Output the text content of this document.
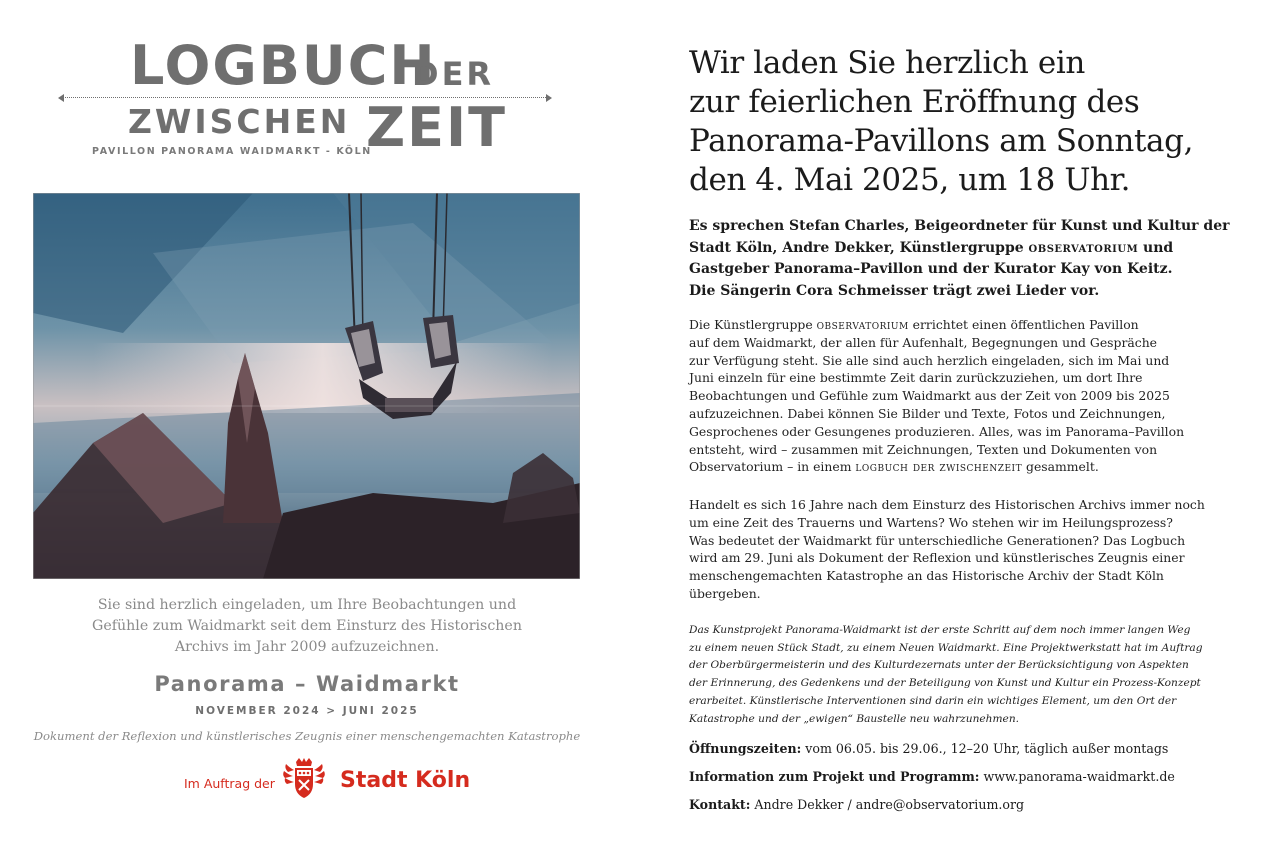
LOGBUCH
DER
ZWISCHEN ZEIT
PAVILLON PANORAMA WAIDMARKT - KÖLN
Sie sind herzlich eingeladen, um Ihre Beobachtungen und
Gefühle zum Waidmarkt seit dem Einsturz des Historischen
Archivs im Jahr 2009 aufzuzeichnen.
Panorama – Waidmarkt
NOVEMBER 2024 > JUNI 2025
Dokument der Reflexion und künstlerisches Zeugnis einer menschengemachten Katastrophe
Im Auftrag der	Stadt Köln
Wir laden Sie herzlich ein
zur feierlichen Eröffnung des
Panorama-Pavillons am Sonntag,
den 4. Mai 2025, um 18 Uhr.
Es sprechen Stefan Charles, Beigeordneter für Kunst und Kultur der
Stadt Köln, Andre Dekker, Künstlergruppe observatorium und
Gastgeber Panorama–Pavillon und der Kurator Kay von Keitz.
Die Sängerin Cora Schmeisser trägt zwei Lieder vor.
Die Künstlergruppe observatorium errichtet einen öffentlichen Pavillon
auf dem Waidmarkt, der allen für Aufenhalt, Begegnungen und Gespräche
zur Verfügung steht. Sie alle sind auch herzlich eingeladen, sich im Mai und
Juni einzeln für eine bestimmte Zeit darin zurückzuziehen, um dort Ihre
Beobachtungen und Gefühle zum Waidmarkt aus der Zeit von 2009 bis 2025
aufzuzeichnen. Dabei können Sie Bilder und Texte, Fotos und Zeichnungen,
Gesprochenes oder Gesungenes produzieren. Alles, was im Panorama–Pavillon
entsteht, wird – zusammen mit Zeichnungen, Texten und Dokumenten von
Observatorium – in einem logbuch der zwischenzeit gesammelt.
Handelt es sich 16 Jahre nach dem Einsturz des Historischen Archivs immer noch
um eine Zeit des Trauerns und Wartens? Wo stehen wir im Heilungsprozess?
Was bedeutet der Waidmarkt für unterschiedliche Generationen? Das Logbuch
wird am 29. Juni als Dokument der Reflexion und künstlerisches Zeugnis einer
menschengemachten Katastrophe an das Historische Archiv der Stadt Köln
übergeben.
Das Kunstprojekt Panorama-Waidmarkt ist der erste Schritt auf dem noch immer langen Weg
zu einem neuen Stück Stadt, zu einem Neuen Waidmarkt. Eine Projektwerkstatt hat im Auftrag
der Oberbürgermeisterin und des Kulturdezernats unter der Berücksichtigung von Aspekten
der Erinnerung, des Gedenkens und der Beteiligung von Kunst und Kultur ein Prozess-Konzept
erarbeitet. Künstlerische Interventionen sind darin ein wichtiges Element, um den Ort der
Katastrophe und der „ewigen“ Baustelle neu wahrzunehmen.
Öffnungszeiten: vom 06.05. bis 29.06., 12–20 Uhr, täglich außer montags
Information zum Projekt und Programm: www.panorama-waidmarkt.de
Kontakt: Andre Dekker / andre@observatorium.org
